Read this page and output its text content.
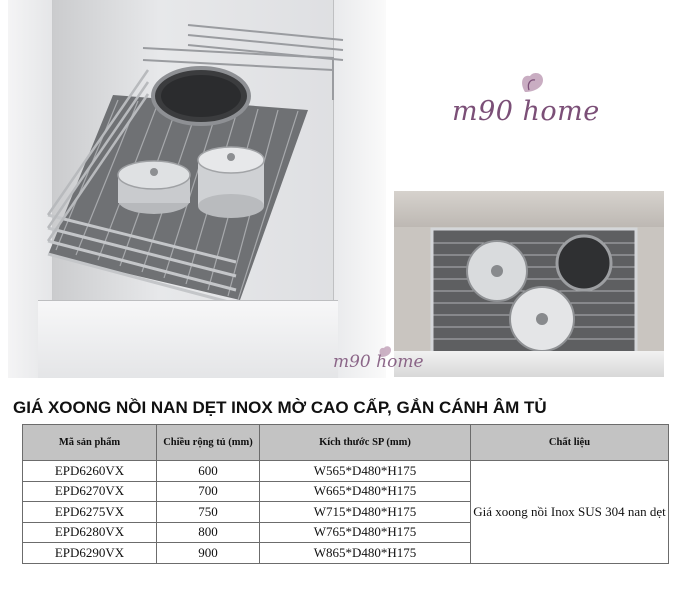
m90 home
m90 home
GIÁ XOONG NỒI NAN DẸT INOX MỜ CAO CẤP, GẮN CÁNH ÂM TỦ
Mã sản phẩm	Chiều rộng tủ (mm)	Kích thước SP (mm)	Chất liệu
EPD6260VX	600	W565*D480*H175	Giá xoong nồi Inox SUS 304 nan dẹt
EPD6270VX	700	W665*D480*H175	
EPD6275VX	750	W715*D480*H175	
EPD6280VX	800	W765*D480*H175	
EPD6290VX	900	W865*D480*H175	
